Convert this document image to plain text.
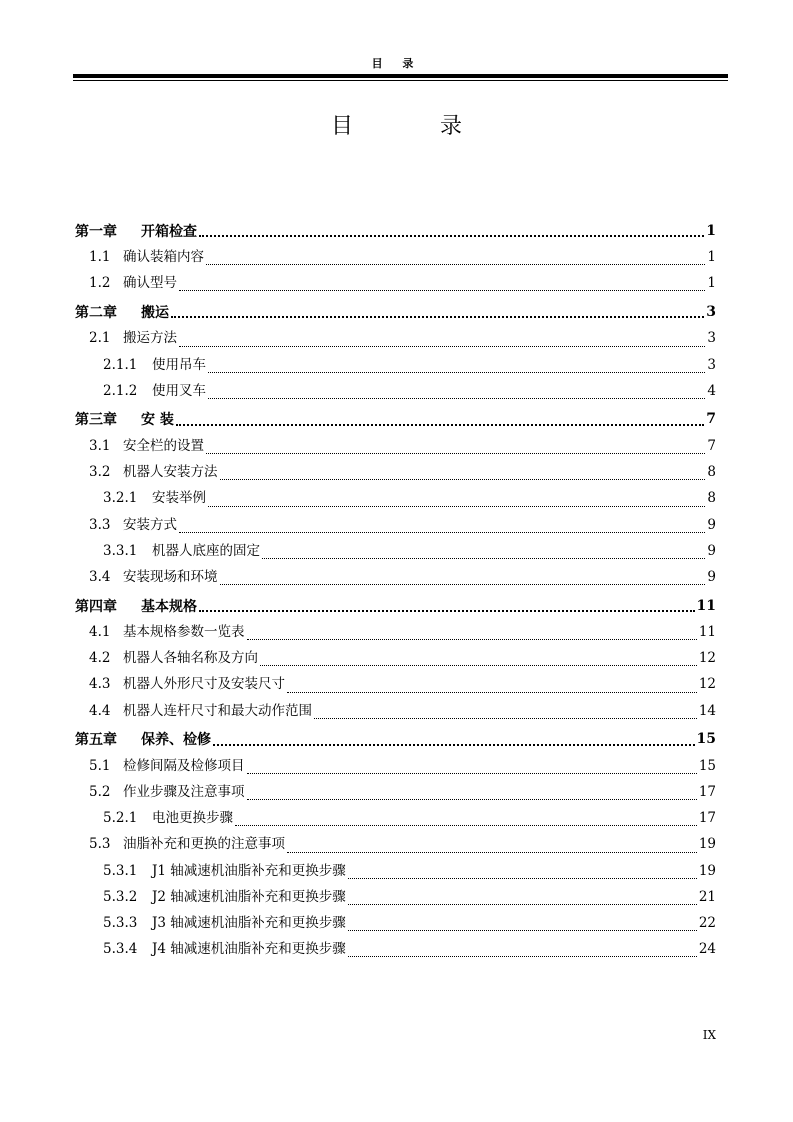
目 录
目 录
第一章	开箱检查	1
1.1 确认装箱内容	1
1.2 确认型号	1
第二章	搬运	3
2.1 搬运方法	3
2.1.1	使用吊车	3
2.1.2	使用叉车	4
第三章	安 装	7
3.1 安全栏的设置	7
3.2 机器人安装方法	8
3.2.1	安装举例	8
3.3 安装方式	9
3.3.1	机器人底座的固定	9
3.4 安装现场和环境	9
第四章	基本规格	11
4.1 基本规格参数一览表	11
4.2 机器人各轴名称及方向	12
4.3 机器人外形尺寸及安装尺寸	12
4.4 机器人连杆尺寸和最大动作范围	14
第五章	保养、检修	15
5.1 检修间隔及检修项目	15
5.2 作业步骤及注意事项	17
5.2.1	电池更换步骤	17
5.3 油脂补充和更换的注意事项	19
5.3.1	J1 轴减速机油脂补充和更换步骤	19
5.3.2	J2 轴减速机油脂补充和更换步骤	21
5.3.3	J3 轴减速机油脂补充和更换步骤	22
5.3.4	J4 轴减速机油脂补充和更换步骤	24
IX
